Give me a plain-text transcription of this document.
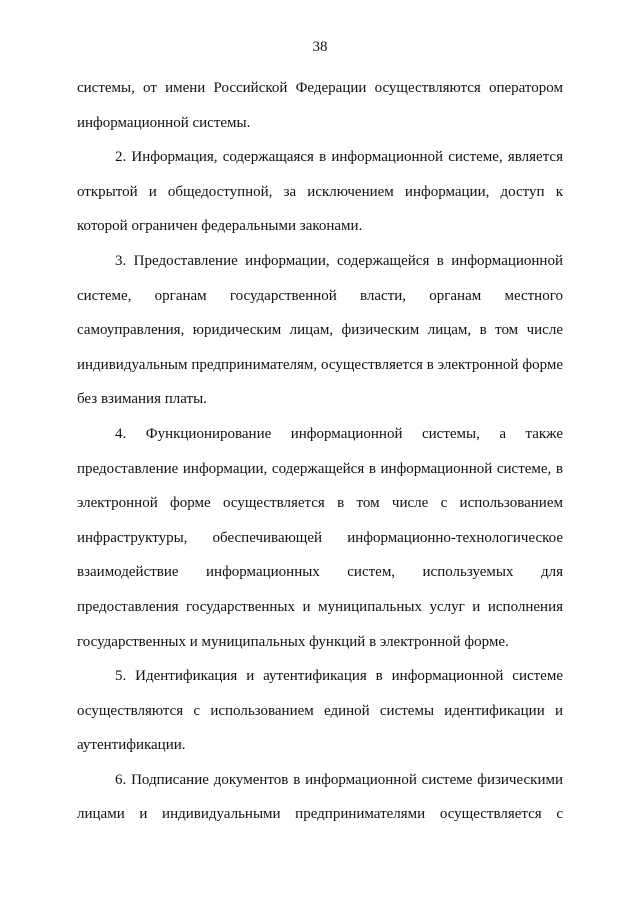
38

системы, от имени Российской Федерации осуществляются оператором информационной системы.

2. Информация, содержащаяся в информационной системе, является открытой и общедоступной, за исключением информации, доступ к которой ограничен федеральными законами.

3. Предоставление информации, содержащейся в информационной системе, органам государственной власти, органам местного самоуправления, юридическим лицам, физическим лицам, в том числе индивидуальным предпринимателям, осуществляется в электронной форме без взимания платы.

4. Функционирование информационной системы, а также предоставление информации, содержащейся в информационной системе, в электронной форме осуществляется в том числе с использованием инфраструктуры, обеспечивающей информационно-технологическое взаимодействие информационных систем, используемых для предоставления государственных и муниципальных услуг и исполнения государственных и муниципальных функций в электронной форме.

5. Идентификация и аутентификация в информационной системе осуществляются с использованием единой системы идентификации и аутентификации.

6. Подписание документов в информационной системе физическими лицами и индивидуальными предпринимателями осуществляется с
